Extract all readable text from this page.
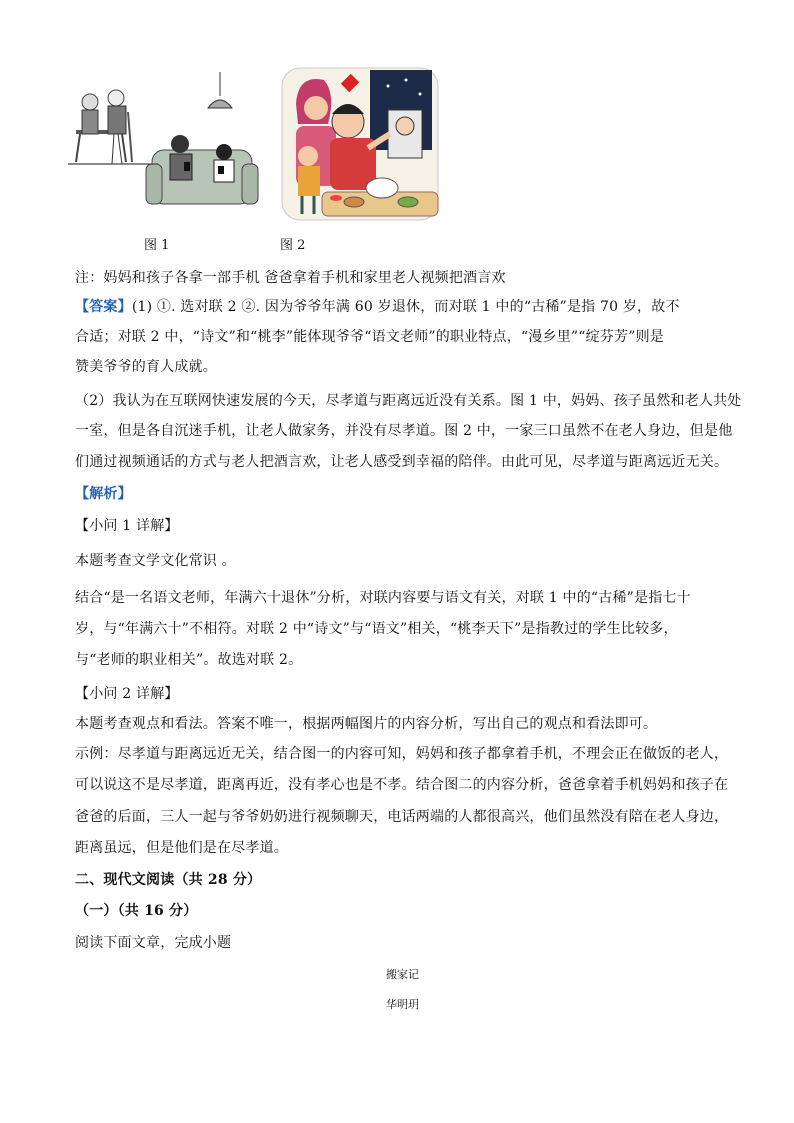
图 1	图 2
注：妈妈和孩子各拿一部手机 爸爸拿着手机和家里老人视频把酒言欢
【答案】(1) ①. 选对联 2 ②. 因为爷爷年满 60 岁退休，而对联 1 中的“古稀”是指 70 岁，故不
合适；对联 2 中，“诗文”和“桃李”能体现爷爷“语文老师”的职业特点，“漫乡里”“绽芬芳”则是
赞美爷爷的育人成就。
（2）我认为在互联网快速发展的今天，尽孝道与距离远近没有关系。图 1 中，妈妈、孩子虽然和老人共处
一室，但是各自沉迷手机，让老人做家务，并没有尽孝道。图 2 中，一家三口虽然不在老人身边，但是他
们通过视频通话的方式与老人把酒言欢，让老人感受到幸福的陪伴。由此可见，尽孝道与距离远近无关。
【解析】
【小问 1 详解】
本题考查文学文化常识 。
结合“是一名语文老师，年满六十退休”分析，对联内容要与语文有关，对联 1 中的“古稀”是指七十
岁，与“年满六十”不相符。对联 2 中“诗文”与“语文”相关，“桃李天下”是指教过的学生比较多，
与“老师的职业相关”。故选对联 2。
【小问 2 详解】
本题考查观点和看法。答案不唯一，根据两幅图片的内容分析，写出自己的观点和看法即可。
示例：尽孝道与距离远近无关，结合图一的内容可知，妈妈和孩子都拿着手机，不理会正在做饭的老人，
可以说这不是尽孝道，距离再近，没有孝心也是不孝。结合图二的内容分析，爸爸拿着手机妈妈和孩子在
爸爸的后面，三人一起与爷爷奶奶进行视频聊天，电话两端的人都很高兴，他们虽然没有陪在老人身边，
距离虽远，但是他们是在尽孝道。
二、现代文阅读（共 28 分）
（一）（共 16 分）
阅读下面文章，完成小题
搬家记
华明玥
